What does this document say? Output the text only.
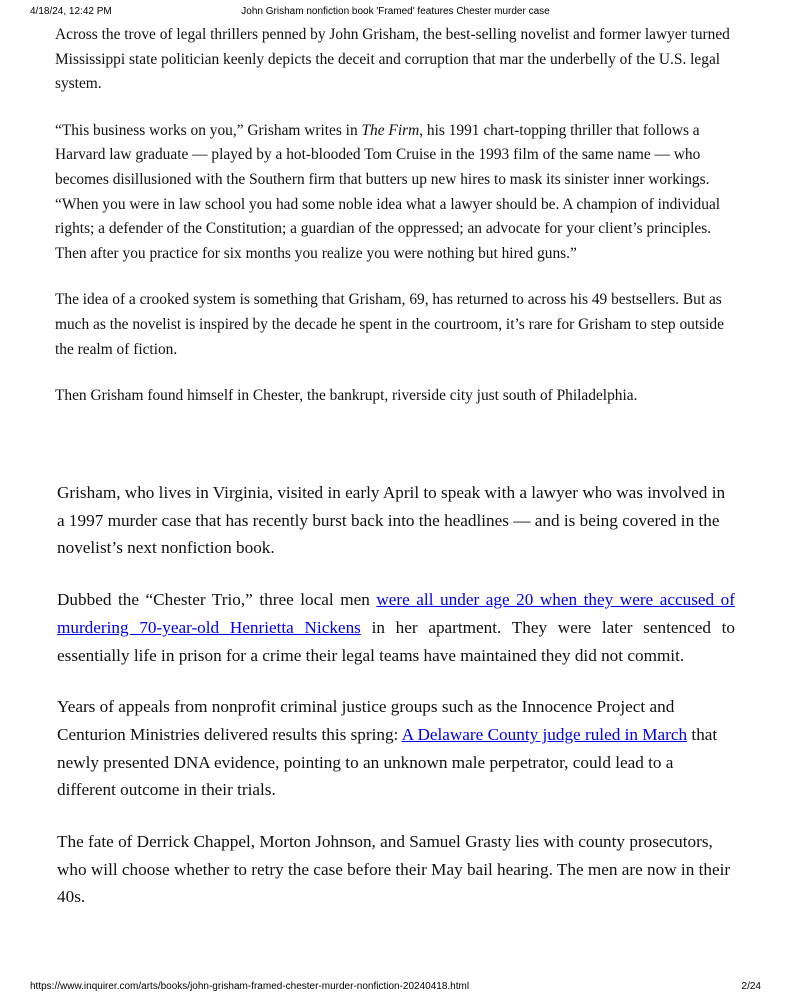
4/18/24, 12:42 PM	John Grisham nonfiction book 'Framed' features Chester murder case

Across the trove of legal thrillers penned by John Grisham, the best-selling novelist and former lawyer turned Mississippi state politician keenly depicts the deceit and corruption that mar the underbelly of the U.S. legal system.

“This business works on you,” Grisham writes in The Firm, his 1991 chart-topping thriller that follows a Harvard law graduate — played by a hot-blooded Tom Cruise in the 1993 film of the same name — who becomes disillusioned with the Southern firm that butters up new hires to mask its sinister inner workings. “When you were in law school you had some noble idea what a lawyer should be. A champion of individual rights; a defender of the Constitution; a guardian of the oppressed; an advocate for your client’s principles. Then after you practice for six months you realize you were nothing but hired guns.”

The idea of a crooked system is something that Grisham, 69, has returned to across his 49 bestsellers. But as much as the novelist is inspired by the decade he spent in the courtroom, it’s rare for Grisham to step outside the realm of fiction.

Then Grisham found himself in Chester, the bankrupt, riverside city just south of Philadelphia.

Grisham, who lives in Virginia, visited in early April to speak with a lawyer who was involved in a 1997 murder case that has recently burst back into the headlines — and is being covered in the novelist’s next nonfiction book.

Dubbed the “Chester Trio,” three local men were all under age 20 when they were accused of murdering 70-year-old Henrietta Nickens in her apartment. They were later sentenced to essentially life in prison for a crime their legal teams have maintained they did not commit.

Years of appeals from nonprofit criminal justice groups such as the Innocence Project and Centurion Ministries delivered results this spring: A Delaware County judge ruled in March that newly presented DNA evidence, pointing to an unknown male perpetrator, could lead to a different outcome in their trials.

The fate of Derrick Chappel, Morton Johnson, and Samuel Grasty lies with county prosecutors, who will choose whether to retry the case before their May bail hearing. The men are now in their 40s.

https://www.inquirer.com/arts/books/john-grisham-framed-chester-murder-nonfiction-20240418.html	2/24
